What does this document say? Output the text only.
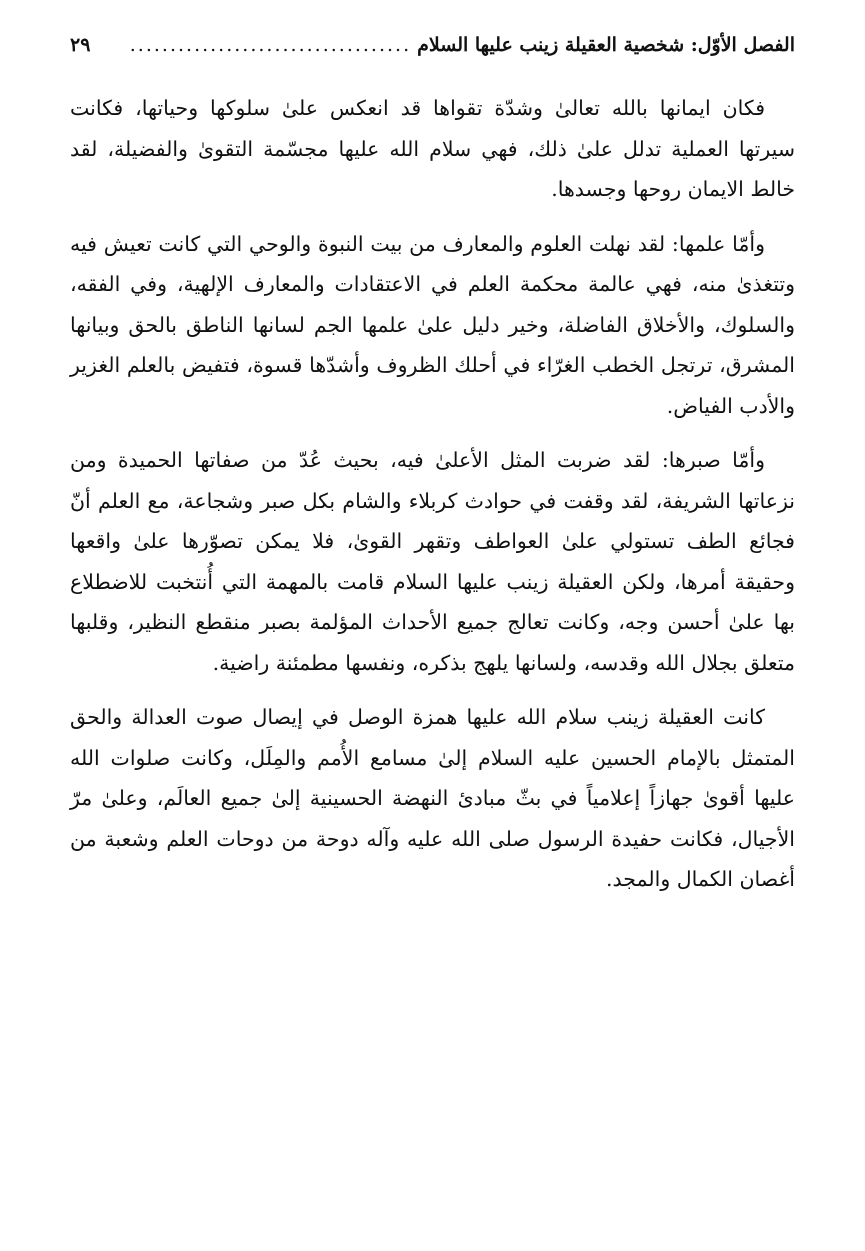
الفصل الأوّل: شخصية العقيلة زينب عليها السلام
...................................
٢٩

فكان ايمانها بالله تعالىٰ وشدّة تقواها قد انعكس علىٰ سلوكها وحياتها، فكانت سيرتها العملية تدلل علىٰ ذلك، فهي سلام الله عليها مجسّمة التقوىٰ والفضيلة، لقد خالط الايمان روحها وجسدها.

وأمّا علمها: لقد نهلت العلوم والمعارف من بيت النبوة والوحي التي كانت تعيش فيه وتتغذىٰ منه، فهي عالمة محكمة العلم في الاعتقادات والمعارف الإلهية، وفي الفقه، والسلوك، والأخلاق الفاضلة، وخير دليل علىٰ علمها الجم لسانها الناطق بالحق وبيانها المشرق، ترتجل الخطب الغرّاء في أحلك الظروف وأشدّها قسوة، فتفيض بالعلم الغزير والأدب الفياض.

وأمّا صبرها: لقد ضربت المثل الأعلىٰ فيه، بحيث عُدّ من صفاتها الحميدة ومن نزعاتها الشريفة، لقد وقفت في حوادث كربلاء والشام بكل صبر وشجاعة، مع العلم أنّ فجائع الطف تستولي علىٰ العواطف وتقهر القوىٰ، فلا يمكن تصوّرها علىٰ واقعها وحقيقة أمرها، ولكن العقيلة زينب عليها السلام قامت بالمهمة التي أُنتخبت للاضطلاع بها علىٰ أحسن وجه، وكانت تعالج جميع الأحداث المؤلمة بصبر منقطع النظير، وقلبها متعلق بجلال الله وقدسه، ولسانها يلهج بذكره، ونفسها مطمئنة راضية.

كانت العقيلة زينب سلام الله عليها همزة الوصل في إيصال صوت العدالة والحق المتمثل بالإمام الحسين عليه السلام إلىٰ مسامع الأُمم والمِلَل، وكانت صلوات الله عليها أقوىٰ جهازاً إعلامياً في بثّ مبادئ النهضة الحسينية إلىٰ جميع العالَم، وعلىٰ مرّ الأجيال، فكانت حفيدة الرسول صلى الله عليه وآله دوحة من دوحات العلم وشعبة من أغصان الكمال والمجد.
